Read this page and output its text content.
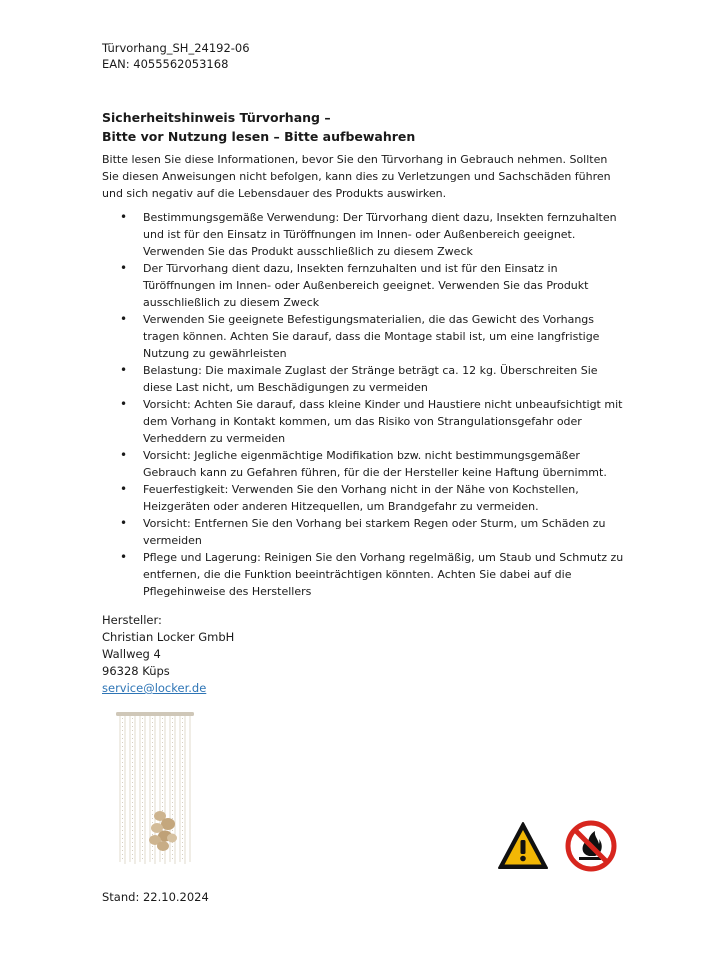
Türvorhang_SH_24192-06
EAN: 4055562053168
Sicherheitshinweis Türvorhang –
Bitte vor Nutzung lesen – Bitte aufbewahren
Bitte lesen Sie diese Informationen, bevor Sie den Türvorhang in Gebrauch nehmen. Sollten Sie diesen Anweisungen nicht befolgen, kann dies zu Verletzungen und Sachschäden führen und sich negativ auf die Lebensdauer des Produkts auswirken.
• Bestimmungsgemäße Verwendung: Der Türvorhang dient dazu, Insekten fernzuhalten und ist für den Einsatz in Türöffnungen im Innen- oder Außenbereich geeignet. Verwenden Sie das Produkt ausschließlich zu diesem Zweck
• Der Türvorhang dient dazu, Insekten fernzuhalten und ist für den Einsatz in Türöffnungen im Innen- oder Außenbereich geeignet. Verwenden Sie das Produkt ausschließlich zu diesem Zweck
• Verwenden Sie geeignete Befestigungsmaterialien, die das Gewicht des Vorhangs tragen können. Achten Sie darauf, dass die Montage stabil ist, um eine langfristige Nutzung zu gewährleisten
• Belastung: Die maximale Zuglast der Stränge beträgt ca. 12 kg. Überschreiten Sie diese Last nicht, um Beschädigungen zu vermeiden
• Vorsicht: Achten Sie darauf, dass kleine Kinder und Haustiere nicht unbeaufsichtigt mit dem Vorhang in Kontakt kommen, um das Risiko von Strangulationsgefahr oder Verheddern zu vermeiden
• Vorsicht: Jegliche eigenmächtige Modifikation bzw. nicht bestimmungsgemäßer Gebrauch kann zu Gefahren führen, für die der Hersteller keine Haftung übernimmt.
• Feuerfestigkeit: Verwenden Sie den Vorhang nicht in der Nähe von Kochstellen, Heizgeräten oder anderen Hitzequellen, um Brandgefahr zu vermeiden.
• Vorsicht: Entfernen Sie den Vorhang bei starkem Regen oder Sturm, um Schäden zu vermeiden
• Pflege und Lagerung: Reinigen Sie den Vorhang regelmäßig, um Staub und Schmutz zu entfernen, die die Funktion beeinträchtigen könnten. Achten Sie dabei auf die Pflegehinweise des Herstellers
Hersteller:
Christian Locker GmbH
Wallweg 4
96328 Küps
service@locker.de
Stand: 22.10.2024
